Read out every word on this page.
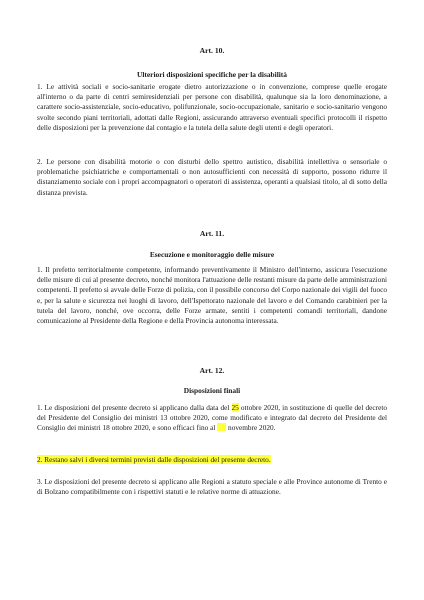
Art. 10.
Ulteriori disposizioni specifiche per la disabilità

1. Le attività sociali e socio-sanitarie erogate dietro autorizzazione o in convenzione, comprese quelle erogate all'interno o da parte di centri semiresidenziali per persone con disabilità, qualunque sia la loro denominazione, a carattere socio-assistenziale, socio-educativo, polifunzionale, socio-occupazionale, sanitario e socio-sanitario vengono svolte secondo piani territoriali, adottati dalle Regioni, assicurando attraverso eventuali specifici protocolli il rispetto delle disposizioni per la prevenzione dal contagio e la tutela della salute degli utenti e degli operatori.

2. Le persone con disabilità motorie o con disturbi dello spettro autistico, disabilità intellettiva o sensoriale o problematiche psichiatriche e comportamentali o non autosufficienti con necessità di supporto, possono ridurre il distanziamento sociale con i propri accompagnatori o operatori di assistenza, operanti a qualsiasi titolo, al di sotto della distanza prevista.

Art. 11.
Esecuzione e monitoraggio delle misure

1. Il prefetto territorialmente competente, informando preventivamente il Ministro dell'interno, assicura l'esecuzione delle misure di cui al presente decreto, nonché monitora l'attuazione delle restanti misure da parte delle amministrazioni competenti. Il prefetto si avvale delle Forze di polizia, con il possibile concorso del Corpo nazionale dei vigili del fuoco e, per la salute e sicurezza nei luoghi di lavoro, dell'Ispettorato nazionale del lavoro e del Comando carabinieri per la tutela del lavoro, nonché, ove occorra, delle Forze armate, sentiti i competenti comandi territoriali, dandone comunicazione al Presidente della Regione e della Provincia autonoma interessata.

Art. 12.
Disposizioni finali

1. Le disposizioni del presente decreto si applicano dalla data del 25 ottobre 2020, in sostituzione di quelle del decreto del Presidente del Consiglio dei ministri 13 ottobre 2020, come modificato e integrato dal decreto del Presidente del Consiglio dei ministri 18 ottobre 2020, e sono efficaci fino al  novembre 2020.

2. Restano salvi i diversi termini previsti dalle disposizioni del presente decreto.

3. Le disposizioni del presente decreto si applicano alle Regioni a statuto speciale e alle Province autonome di Trento e di Bolzano compatibilmente con i rispettivi statuti e le relative norme di attuazione.
